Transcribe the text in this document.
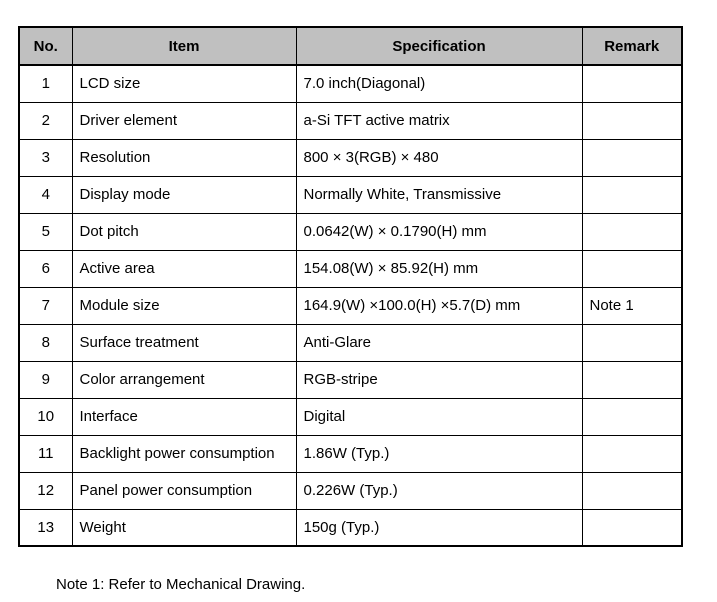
No.	Item	Specification	Remark
1	LCD size	7.0 inch(Diagonal)	
2	Driver element	a-Si TFT active matrix	
3	Resolution	800 × 3(RGB) × 480	
4	Display mode	Normally White, Transmissive	
5	Dot pitch	0.0642(W) × 0.1790(H) mm	
6	Active area	154.08(W) × 85.92(H) mm	
7	Module size	164.9(W) ×100.0(H) ×5.7(D) mm	Note 1
8	Surface treatment	Anti-Glare	
9	Color arrangement	RGB-stripe	
10	Interface	Digital	
11	Backlight power consumption	1.86W (Typ.)	
12	Panel power consumption	0.226W (Typ.)	
13	Weight	150g (Typ.)	
Note 1: Refer to Mechanical Drawing.
